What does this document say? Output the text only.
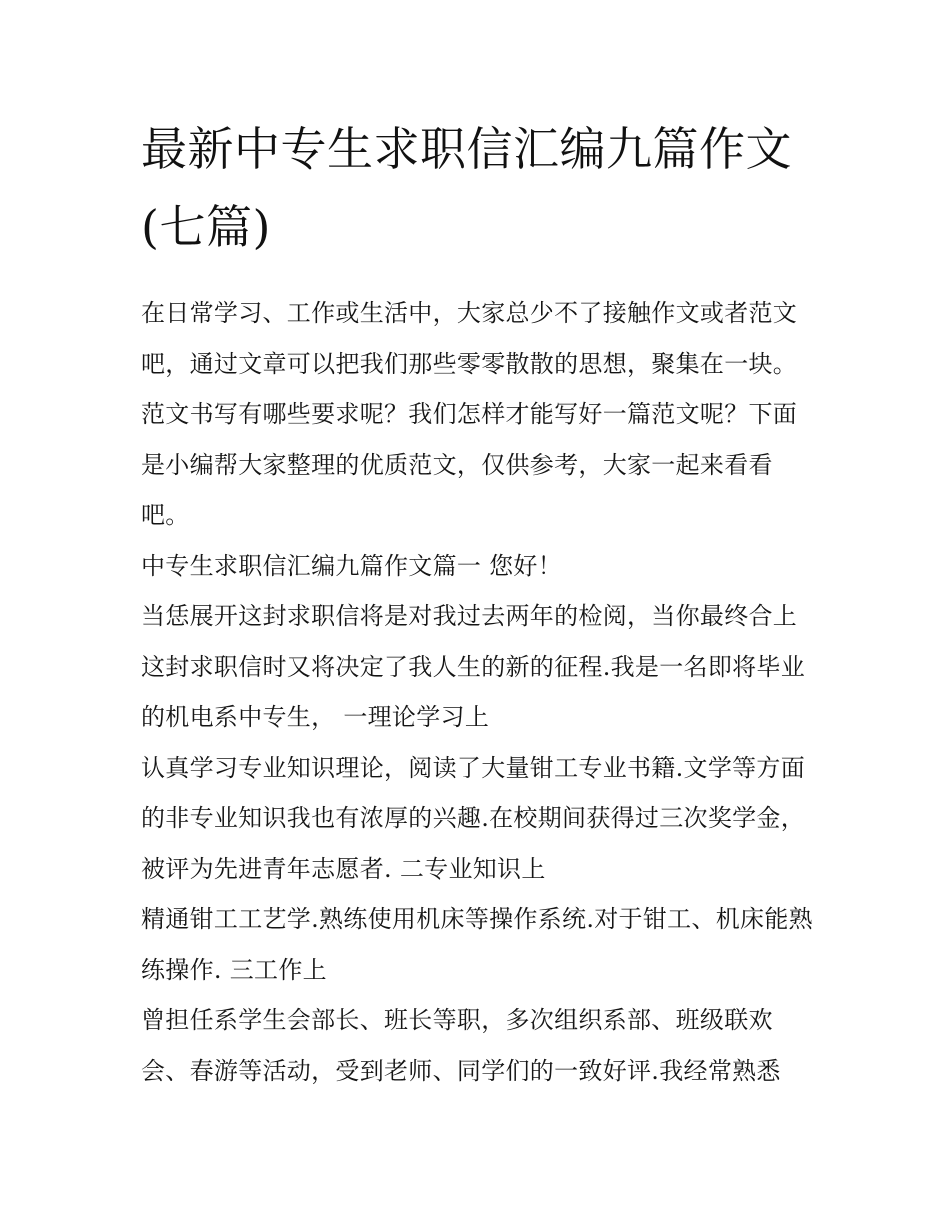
最新中专生求职信汇编九篇作文(七篇)

在日常学习、工作或生活中，大家总少不了接触作文或者范文吧，通过文章可以把我们那些零零散散的思想，聚集在一块。范文书写有哪些要求呢？我们怎样才能写好一篇范文呢？下面是小编帮大家整理的优质范文，仅供参考，大家一起来看看吧。

中专生求职信汇编九篇作文篇一 您好！

当恁展开这封求职信将是对我过去两年的检阅，当你最终合上这封求职信时又将决定了我人生的新的征程.我是一名即将毕业的机电系中专生， 一理论学习上

认真学习专业知识理论，阅读了大量钳工专业书籍.文学等方面的非专业知识我也有浓厚的兴趣.在校期间获得过三次奖学金，被评为先进青年志愿者. 二专业知识上

精通钳工工艺学.熟练使用机床等操作系统.对于钳工、机床能熟练操作. 三工作上

曾担任系学生会部长、班长等职，多次组织系部、班级联欢会、春游等活动，受到老师、同学们的一致好评.我经常熟悉
